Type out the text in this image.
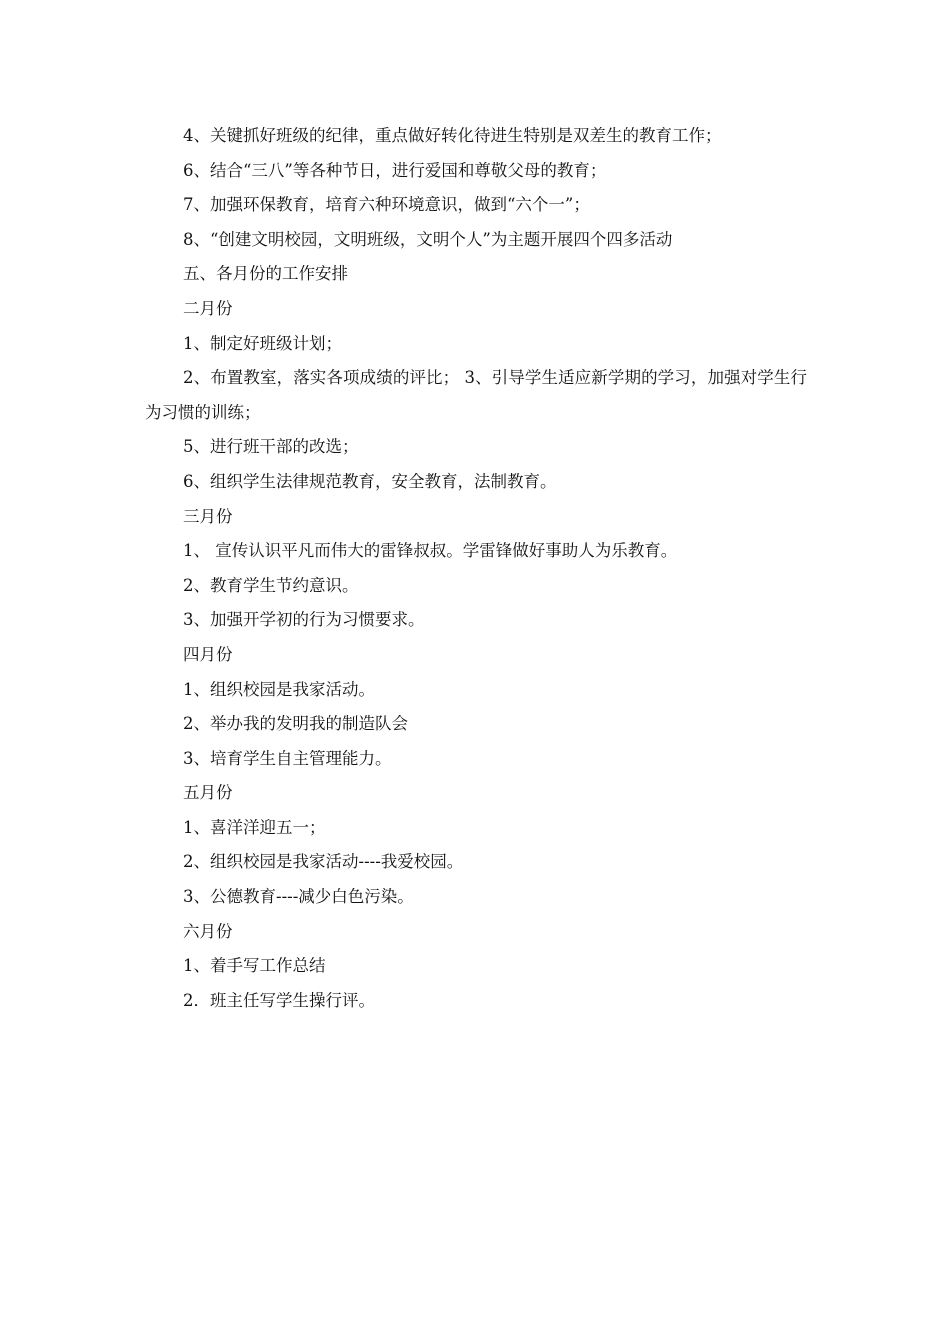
4、关键抓好班级的纪律，重点做好转化待进生特别是双差生的教育工作；

6、结合“三八”等各种节日，进行爱国和尊敬父母的教育；

7、加强环保教育，培育六种环境意识，做到“六个一”；

8、“创建文明校园，文明班级，文明个人”为主题开展四个四多活动

五、各月份的工作安排

二月份

1、制定好班级计划；

2、布置教室，落实各项成绩的评比； 3、引导学生适应新学期的学习，加强对学生行为习惯的训练；

5、进行班干部的改选；

6、组织学生法律规范教育，安全教育，法制教育。

三月份

1、 宣传认识平凡而伟大的雷锋叔叔。学雷锋做好事助人为乐教育。

2、教育学生节约意识。

3、加强开学初的行为习惯要求。

四月份

1、组织校园是我家活动。

2、举办我的发明我的制造队会

3、培育学生自主管理能力。

五月份

1、喜洋洋迎五一；

2、组织校园是我家活动----我爱校园。

3、公德教育----减少白色污染。

六月份

1、着手写工作总结

2．班主任写学生操行评。
